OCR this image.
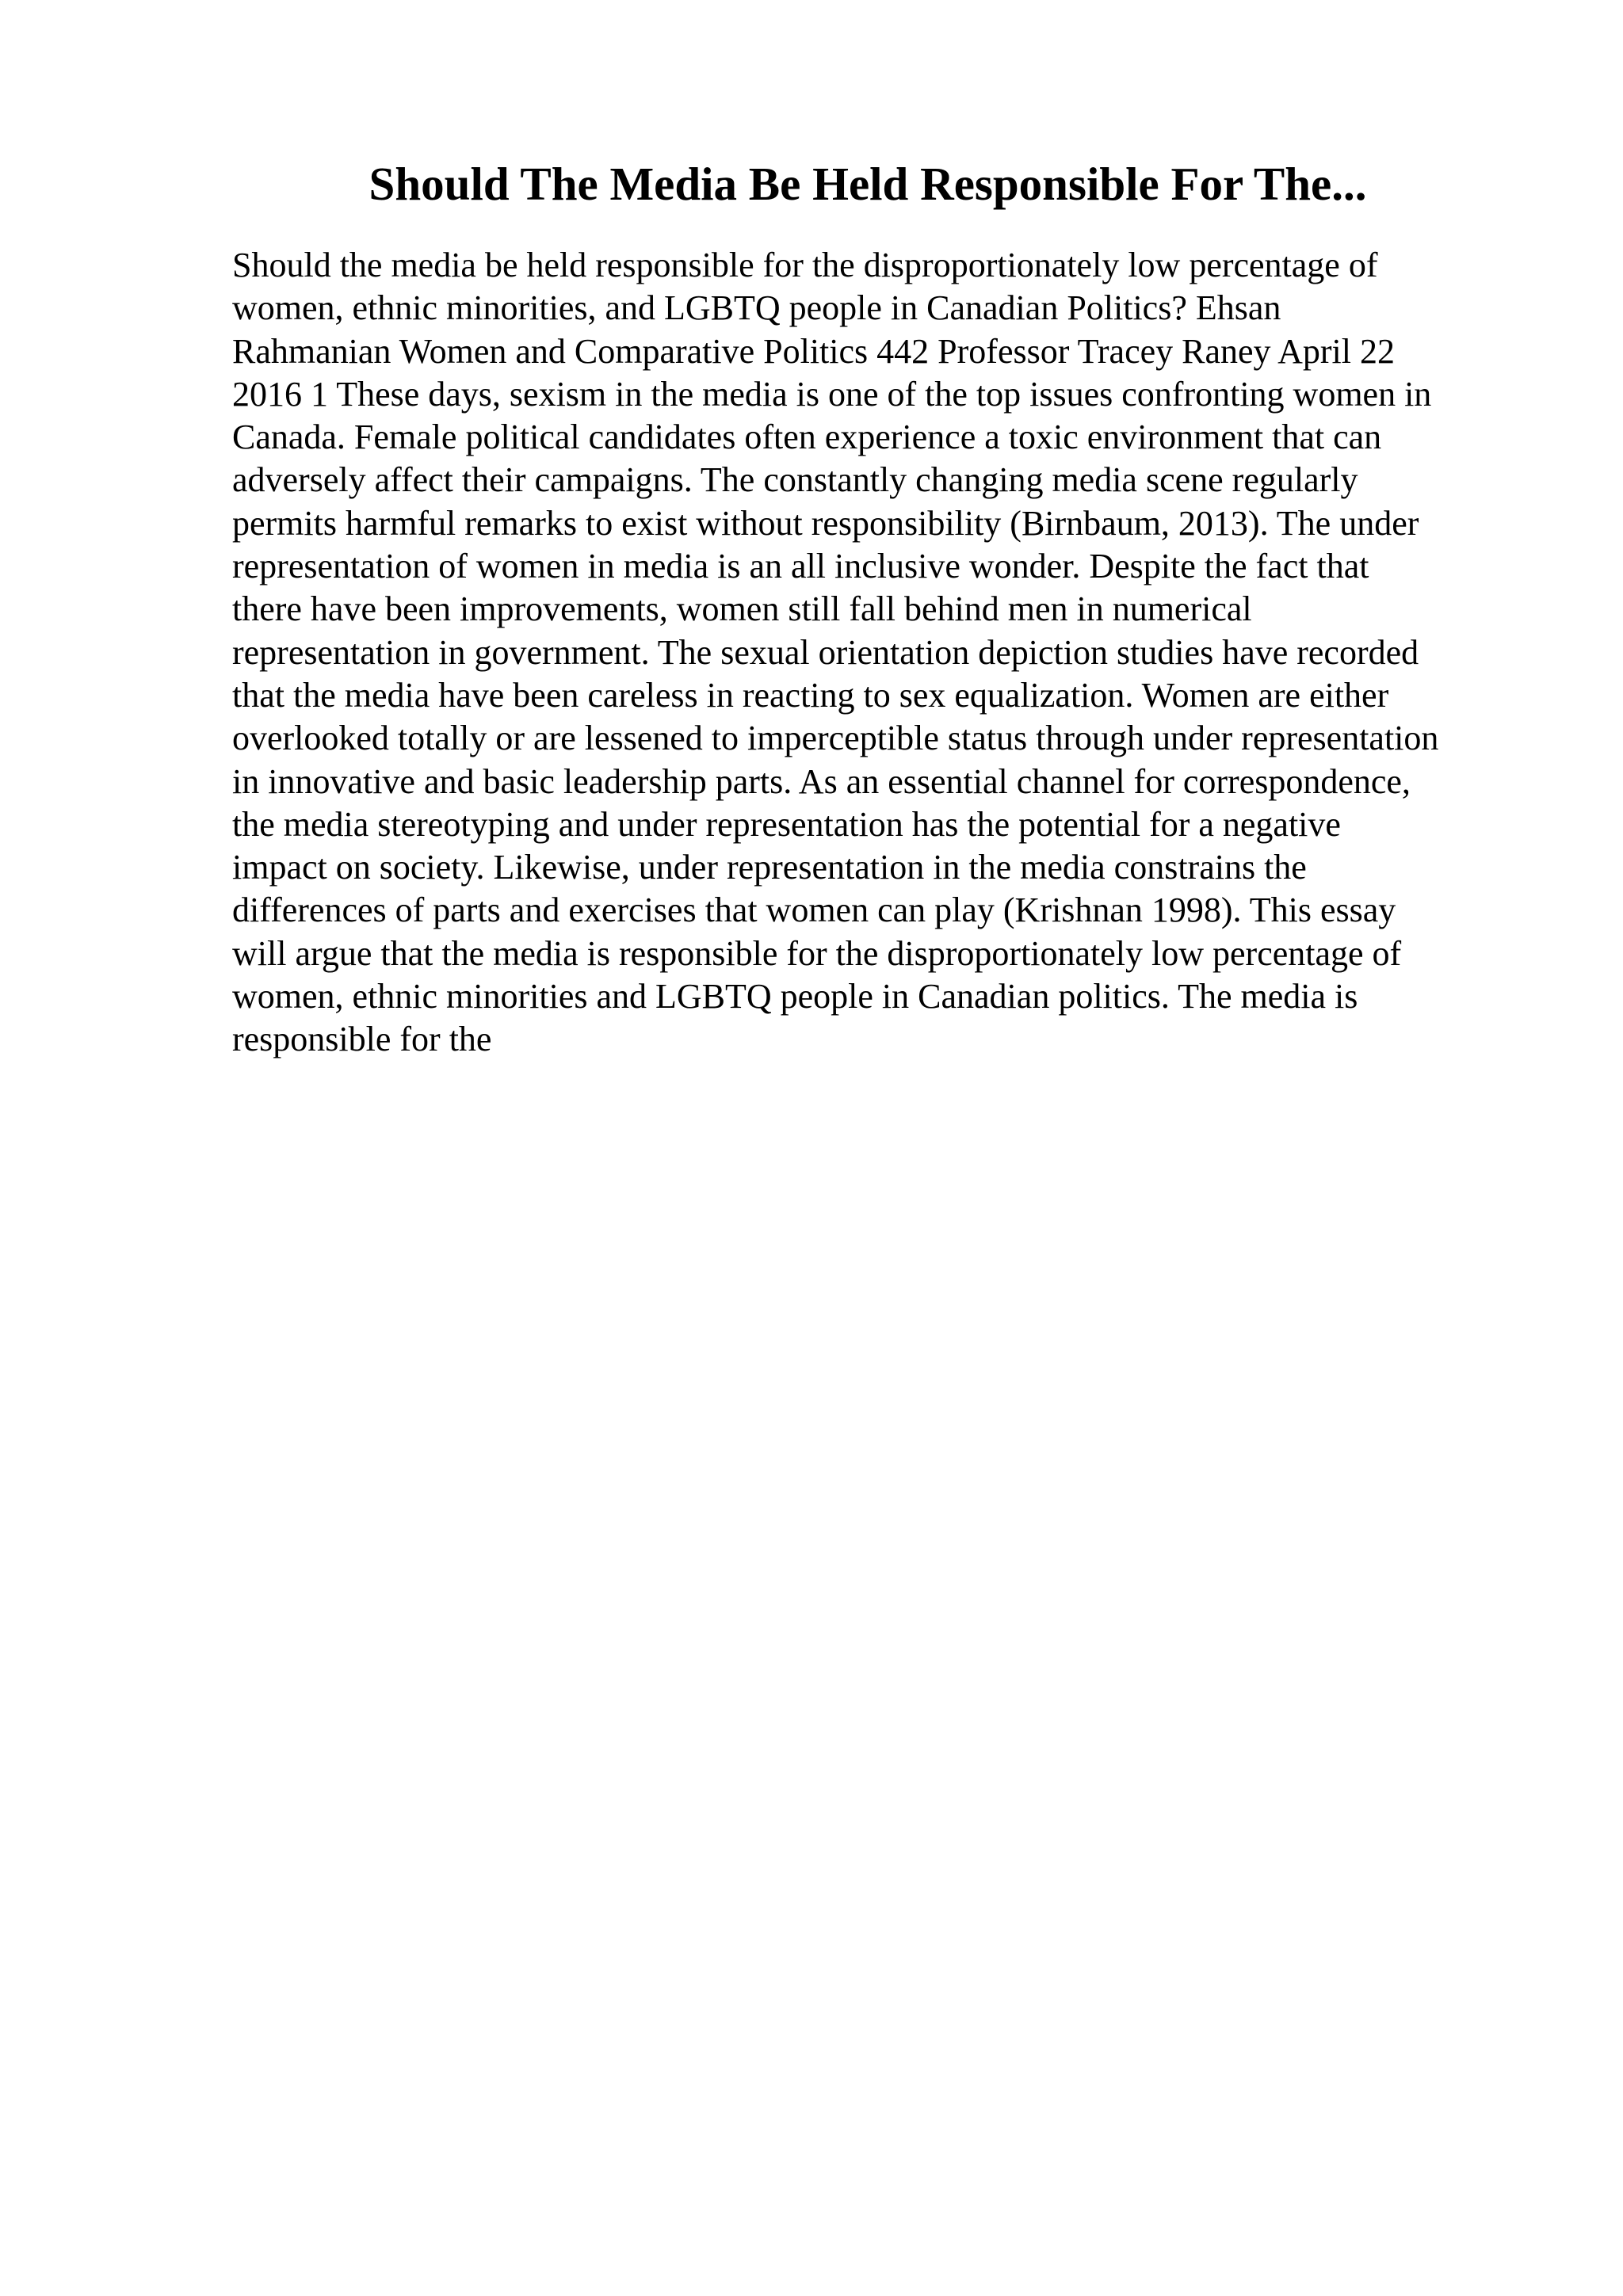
Should The Media Be Held Responsible For The...

Should the media be held responsible for the disproportionately low percentage of
women, ethnic minorities, and LGBTQ people in Canadian Politics? Ehsan
Rahmanian Women and Comparative Politics 442 Professor Tracey Raney April 22
2016 1 These days, sexism in the media is one of the top issues confronting women in
Canada. Female political candidates often experience a toxic environment that can
adversely affect their campaigns. The constantly changing media scene regularly
permits harmful remarks to exist without responsibility (Birnbaum, 2013). The under
representation of women in media is an all inclusive wonder. Despite the fact that
there have been improvements, women still fall behind men in numerical
representation in government. The sexual orientation depiction studies have recorded
that the media have been careless in reacting to sex equalization. Women are either
overlooked totally or are lessened to imperceptible status through under representation
in innovative and basic leadership parts. As an essential channel for correspondence,
the media stereotyping and under representation has the potential for a negative
impact on society. Likewise, under representation in the media constrains the
differences of parts and exercises that women can play (Krishnan 1998). This essay
will argue that the media is responsible for the disproportionately low percentage of
women, ethnic minorities and LGBTQ people in Canadian politics. The media is
responsible for the
